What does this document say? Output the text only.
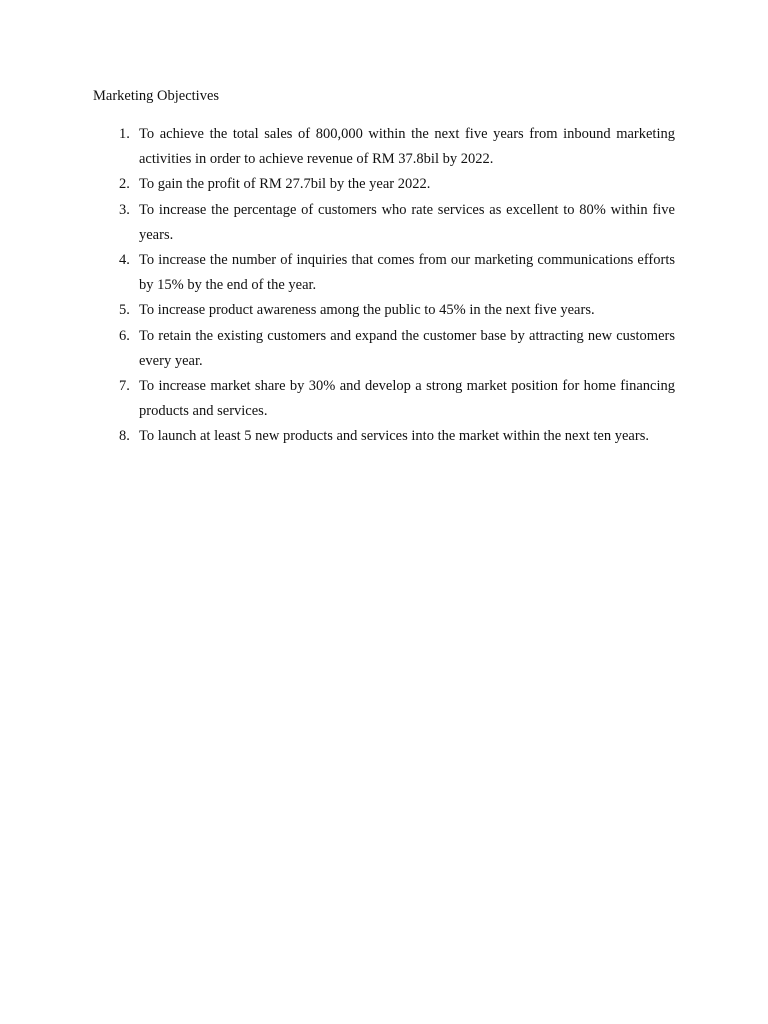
Marketing Objectives
1. To achieve the total sales of 800,000 within the next five years from inbound marketing activities in order to achieve revenue of RM 37.8bil by 2022.
2. To gain the profit of RM 27.7bil by the year 2022.
3. To increase the percentage of customers who rate services as excellent to 80% within five years.
4. To increase the number of inquiries that comes from our marketing communications efforts by 15% by the end of the year.
5. To increase product awareness among the public to 45% in the next five years.
6. To retain the existing customers and expand the customer base by attracting new customers every year.
7. To increase market share by 30% and develop a strong market position for home financing products and services.
8. To launch at least 5 new products and services into the market within the next ten years.
